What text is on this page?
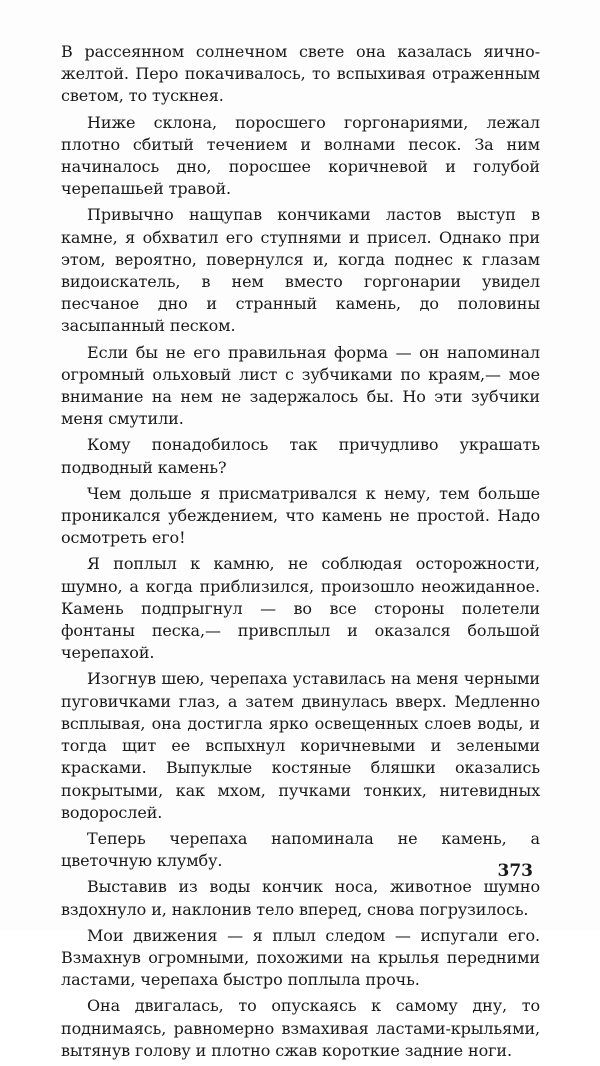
В рассеянном солнечном свете она казалась яично-желтой. Перо покачивалось, то вспыхивая отраженным светом, то тускнея.

Ниже склона, поросшего горгонариями, лежал плотно сбитый течением и волнами песок. За ним начиналось дно, поросшее коричневой и голубой черепашьей травой.

Привычно нащупав кончиками ластов выступ в камне, я обхватил его ступнями и присел. Однако при этом, вероятно, повернулся и, когда поднес к глазам видоискатель, в нем вместо горгонарии увидел песчаное дно и странный камень, до половины засыпанный песком.

Если бы не его правильная форма — он напоминал огромный ольховый лист с зубчиками по краям,— мое внимание на нем не задержалось бы. Но эти зубчики меня смутили.

Кому понадобилось так причудливо украшать подводный камень?

Чем дольше я присматривался к нему, тем больше проникался убеждением, что камень не простой. Надо осмотреть его!

Я поплыл к камню, не соблюдая осторожности, шумно, а когда приблизился, произошло неожиданное. Камень подпрыгнул — во все стороны полетели фонтаны песка,— привсплыл и оказался большой черепахой.

Изогнув шею, черепаха уставилась на меня черными пуговичками глаз, а затем двинулась вверх. Медленно всплывая, она достигла ярко освещенных слоев воды, и тогда щит ее вспыхнул коричневыми и зелеными красками. Выпуклые костяные бляшки оказались покрытыми, как мхом, пучками тонких, нитевидных водорослей.

Теперь черепаха напоминала не камень, а цветочную клумбу.

Выставив из воды кончик носа, животное шумно вздохнуло и, наклонив тело вперед, снова погрузилось.

Мои движения — я плыл следом — испугали его. Взмахнув огромными, похожими на крылья передними ластами, черепаха быстро поплыла прочь.

Она двигалась, то опускаясь к самому дну, то поднимаясь, равномерно взмахивая ластами-крыльями, вытянув голову и плотно сжав короткие задние ноги.

373
